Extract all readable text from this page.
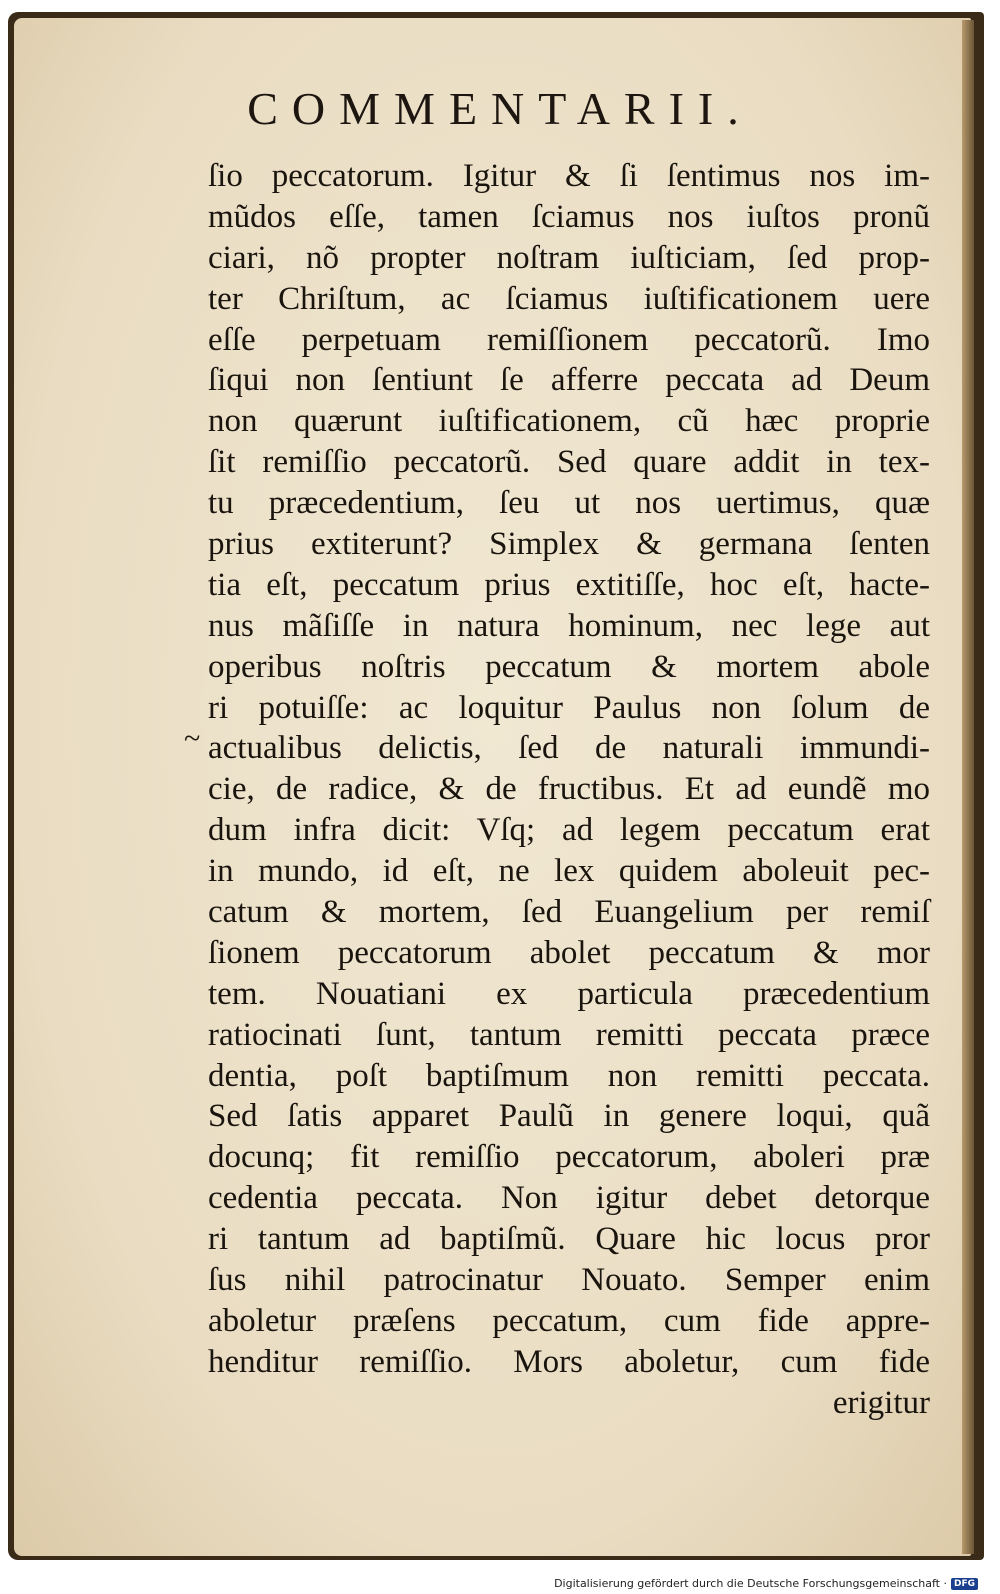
COMMENTARII.
~
ſio peccatorum. Igitur & ſi ſentimus nos im-
mũdos eſſe, tamen ſciamus nos iuſtos pronũ
ciari, nõ propter noſtram iuſticiam, ſed prop-
ter Chriſtum, ac ſciamus iuſtificationem uere
eſſe perpetuam remiſſionem peccatorũ. Imo
ſiqui non ſentiunt ſe afferre peccata ad Deum
non quærunt iuſtificationem, cũ hæc proprie
ſit remiſſio peccatorũ. Sed quare addit in tex-
tu præcedentium, ſeu ut nos uertimus, quæ
prius extiterunt? Simplex & germana ſenten
tia eſt, peccatum prius extitiſſe, hoc eſt, hacte-
nus mãſiſſe in natura hominum, nec lege aut
operibus noſtris peccatum & mortem abole
ri potuiſſe: ac loquitur Paulus non ſolum de
actualibus delictis, ſed de naturali immundi-
cie, de radice, & de fructibus. Et ad eundẽ mo
dum infra dicit: Vſq; ad legem peccatum erat
in mundo, id eſt, ne lex quidem aboleuit pec-
catum & mortem, ſed Euangelium per remiſ
ſionem peccatorum abolet peccatum & mor
tem. Nouatiani ex particula præcedentium
ratiocinati ſunt, tantum remitti peccata præce
dentia, poſt baptiſmum non remitti peccata.
Sed ſatis apparet Paulũ in genere loqui, quã
docunq; fit remiſſio peccatorum, aboleri præ
cedentia peccata. Non igitur debet detorque
ri tantum ad baptiſmũ. Quare hic locus pror
ſus nihil patrocinatur Nouato. Semper enim
aboletur præſens peccatum, cum fide appre-
henditur remiſſio. Mors aboletur, cum fide
erigitur
Digitalisierung gefördert durch die Deutsche Forschungsgemeinschaft · DFG
